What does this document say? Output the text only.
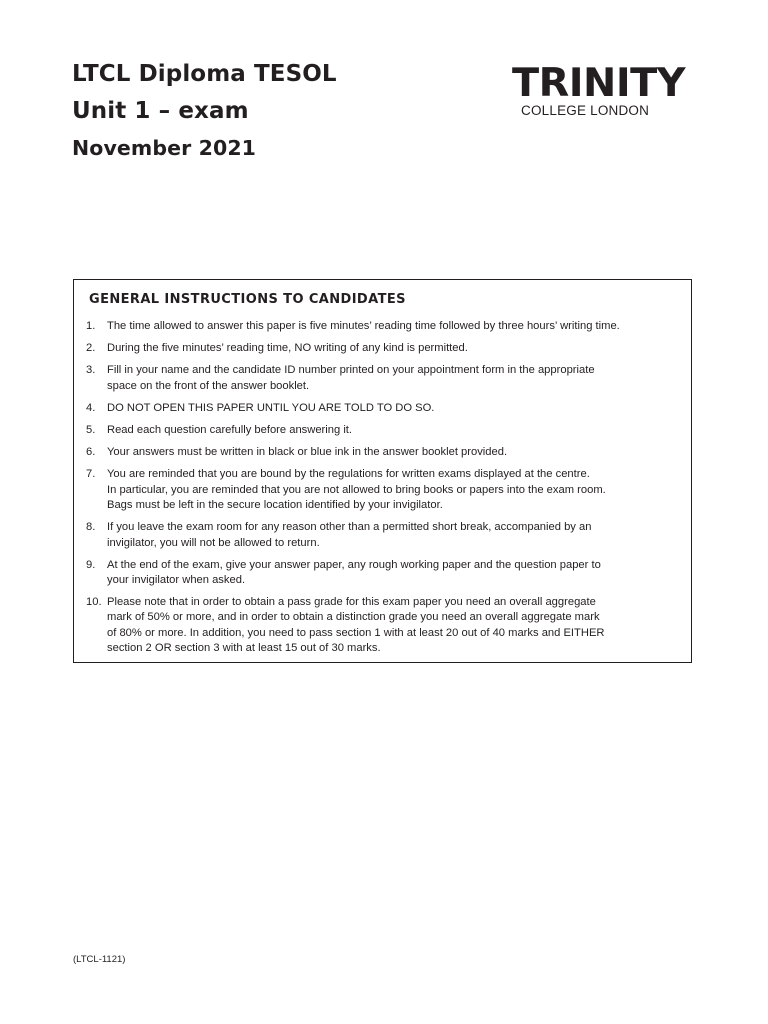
LTCL Diploma TESOL
Unit 1 – exam
November 2021
TRINITY
COLLEGE LONDON
GENERAL INSTRUCTIONS TO CANDIDATES
1.	The time allowed to answer this paper is five minutes’ reading time followed by three hours’ writing time.
2.	During the five minutes’ reading time, NO writing of any kind is permitted.
3.	Fill in your name and the candidate ID number printed on your appointment form in the appropriate
space on the front of the answer booklet.
4.	DO NOT OPEN THIS PAPER UNTIL YOU ARE TOLD TO DO SO.
5.	Read each question carefully before answering it.
6.	Your answers must be written in black or blue ink in the answer booklet provided.
7.	You are reminded that you are bound by the regulations for written exams displayed at the centre.
In particular, you are reminded that you are not allowed to bring books or papers into the exam room.
Bags must be left in the secure location identified by your invigilator.
8.	If you leave the exam room for any reason other than a permitted short break, accompanied by an
invigilator, you will not be allowed to return.
9.	At the end of the exam, give your answer paper, any rough working paper and the question paper to
your invigilator when asked.
10. Please note that in order to obtain a pass grade for this exam paper you need an overall aggregate
mark of 50% or more, and in order to obtain a distinction grade you need an overall aggregate mark
of 80% or more. In addition, you need to pass section 1 with at least 20 out of 40 marks and EITHER
section 2 OR section 3 with at least 15 out of 30 marks.
(LTCL-1121)
